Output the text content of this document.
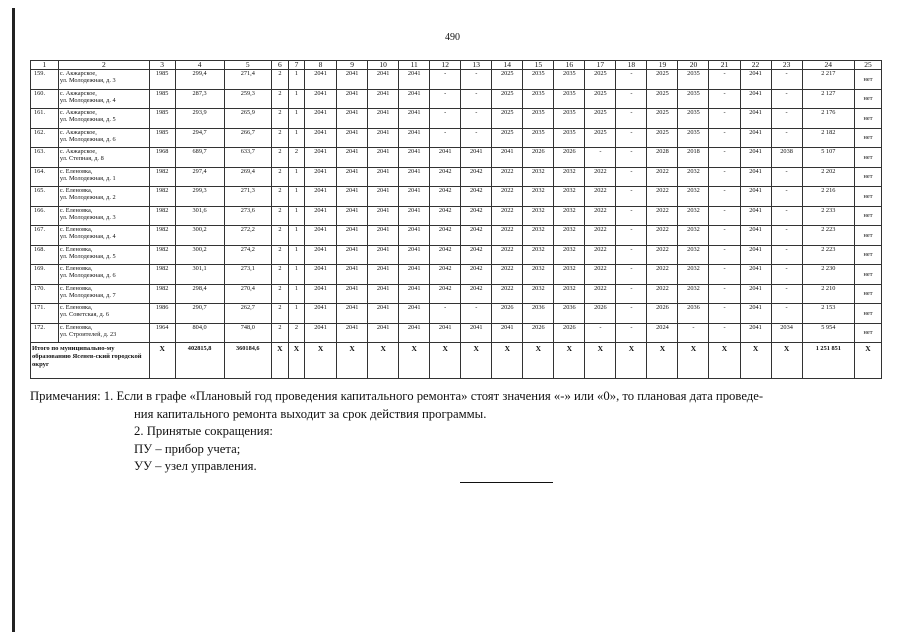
490
1	2	3	4	5	6	7	8	9	10	11	12	13	14	15	16	17	18	19	20	21	22	23	24	25
159.	с. Акжарское,
ул. Молодежная, д. 3	1985	299,4	271,4	2	1	2041	2041	2041	2041	-	-	2025	2035	2035	2025	-	2025	2035	-	2041	-	2 217	нет
160.	с. Акжарское,
ул. Молодежная, д. 4	1985	287,3	259,3	2	1	2041	2041	2041	2041	-	-	2025	2035	2035	2025	-	2025	2035	-	2041	-	2 127	нет
161.	с. Акжарское,
ул. Молодежная, д. 5	1985	293,9	265,9	2	1	2041	2041	2041	2041	-	-	2025	2035	2035	2025	-	2025	2035	-	2041	-	2 176	нет
162.	с. Акжарское,
ул. Молодежная, д. 6	1985	294,7	266,7	2	1	2041	2041	2041	2041	-	-	2025	2035	2035	2025	-	2025	2035	-	2041	-	2 182	нет
163.	с. Акжарское,
ул. Степная, д. 8	1968	689,7	633,7	2	2	2041	2041	2041	2041	2041	2041	2041	2026	2026	-	-	2028	2018	-	2041	2038	5 107	нет
164.	с. Еленовка,
ул. Молодежная, д. 1	1982	297,4	269,4	2	1	2041	2041	2041	2041	2042	2042	2022	2032	2032	2022	-	2022	2032	-	2041	-	2 202	нет
165.	с. Еленовка,
ул. Молодежная, д. 2	1982	299,3	271,3	2	1	2041	2041	2041	2041	2042	2042	2022	2032	2032	2022	-	2022	2032	-	2041	-	2 216	нет
166.	с. Еленовка,
ул. Молодежная, д. 3	1982	301,6	273,6	2	1	2041	2041	2041	2041	2042	2042	2022	2032	2032	2022	-	2022	2032	-	2041	-	2 233	нет
167.	с. Еленовка,
ул. Молодежная, д. 4	1982	300,2	272,2	2	1	2041	2041	2041	2041	2042	2042	2022	2032	2032	2022	-	2022	2032	-	2041	-	2 223	нет
168.	с. Еленовка,
ул. Молодежная, д. 5	1982	300,2	274,2	2	1	2041	2041	2041	2041	2042	2042	2022	2032	2032	2022	-	2022	2032	-	2041	-	2 223	нет
169.	с. Еленовка,
ул. Молодежная, д. 6	1982	301,1	273,1	2	1	2041	2041	2041	2041	2042	2042	2022	2032	2032	2022	-	2022	2032	-	2041	-	2 230	нет
170.	с. Еленовка,
ул. Молодежная, д. 7	1982	298,4	270,4	2	1	2041	2041	2041	2041	2042	2042	2022	2032	2032	2022	-	2022	2032	-	2041	-	2 210	нет
171.	с. Еленовка,
ул. Советская, д. 6	1986	290,7	262,7	2	1	2041	2041	2041	2041	-	-	2026	2036	2036	2026	-	2026	2036	-	2041	-	2 153	нет
172.	с. Еленовка,
ул. Строителей, д. 23	1964	804,0	748,0	2	2	2041	2041	2041	2041	2041	2041	2041	2026	2026	-	-	2024	-	-	2041	2034	5 954	нет
Итого по муниципально-му образованию Ясенев-ский городской округ		Х	402815,8	360184,6	Х	Х	Х	Х	Х	Х	Х	Х	Х	Х	Х	Х	Х	Х	Х	Х	Х	Х	1 251 851	Х
Примечания: 1. Если в графе «Плановый год проведения капитального ремонта» стоят значения «-» или «0», то плановая дата проведе-
ния капитального ремонта выходит за срок действия программы.
2. Принятые сокращения:
ПУ – прибор учета;
УУ – узел управления.
